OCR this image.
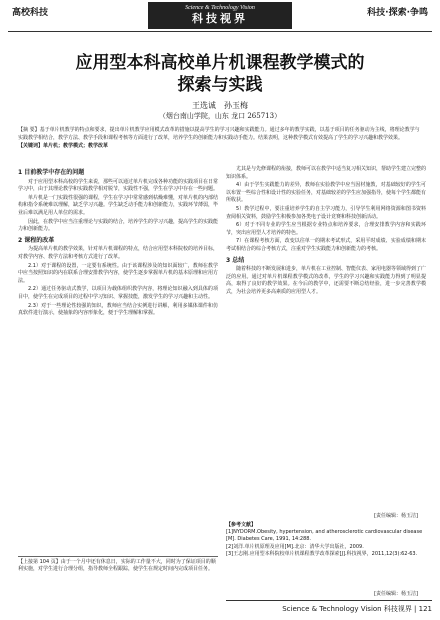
高校科技	Science & Technology Vision
科技视界	科技·探索·争鸣
应用型本科高校单片机课程教学模式的
探索与实践
王选诚　孙玉梅
（烟台南山学院，山东 龙口 265713）
【摘 要】基于单片机教学的特点和要求，提出单片机教学应用模式改革的措施以提高学生的学习兴趣和实践能力。通过多年的教学实践，以基于项目的任务驱动为主线，将理论教学与实践教学相结合，教学方法、教学手段和课程考核等方面进行了改革，培养学生的创新能力和实践动手能力。结果表明，这种教学模式有效提高了学生的学习兴趣和教学效果。
【关键词】单片机；教学模式；教学改革
1 目前教学中存在的问题

对于应用型本科高校的学生来说，那些可以通过单片机完成各种功能的实践项目在日常学习中，由于其理论教学和实践教学相对脱节，实践性不强，学生在学习中存在一些问题。

单片机是一门实践性很强的课程，学生在学习中常常感到枯燥难懂，对单片机的内部结构和指令系统难以理解，缺乏学习兴趣。学生缺乏动手能力和创新能力，实践环节薄弱，毕业后难以满足用人单位的需求。

因此，在教学中应当注重理论与实践的结合，培养学生的学习兴趣，提高学生的实践能力和创新能力。

2 课程的改革

为提高单片机的教学效果，针对单片机课程的特点，结合应用型本科院校的培养目标，对教学内容、教学方法和考核方式进行了改革。

2.1）对于课程的设置，一定要有系统性。由于该课程涉及的知识面较广，教师在教学中应当按照知识的内在联系合理安排教学内容，使学生逐步掌握单片机的基本原理和应用方法。

2.2）通过任务驱动式教学，以项目为载体组织教学内容，将理论知识融入到具体的项目中，使学生在完成项目的过程中学习知识、掌握技能，激发学生的学习兴趣和主动性。

2.3）对于一些理论性较强的知识，教师应当结合实例进行讲解，利用多媒体课件和仿真软件进行演示，使抽象的内容形象化，便于学生理解和掌握。

【上接第 104 页】由于一个月中还有休息日，实际的工作量不大，同时为了保证项目的顺利实施，对学生进行合理分组，指导教师全程跟踪，使学生在规定时间内完成项目任务。

尤其是与先修课程的衔接，教师可以在教学中适当复习相关知识，帮助学生建立完整的知识体系。

4）由于学生实践能力的差异，教师在实验教学中应当因材施教，对基础较好的学生可以布置一些综合性和设计性的实验任务，对基础较差的学生应加强指导，使每个学生都能有所收获。

5）教学过程中，要注重培养学生的自主学习能力，引导学生利用网络资源和图书资料查阅相关资料，鼓励学生积极参加各类电子设计竞赛和科技创新活动。

6）对于不同专业的学生应当根据专业特点和培养要求，合理安排教学内容和实践环节，突出应用型人才培养的特色。

7）在课程考核方面，改变以往单一的期末考试形式，采用平时成绩、实验成绩和期末考试相结合的综合考核方式，注重对学生实践能力和创新能力的考核。

3 总结

随着科技的不断发展和进步，单片机在工业控制、智能仪表、家用电器等领域得到了广泛的应用。通过对单片机课程教学模式的改革，学生的学习兴趣和实践能力得到了明显提高，取得了良好的教学效果。在今后的教学中，还需要不断总结经验，进一步完善教学模式，为社会培养更多高素质的应用型人才。

[责任编辑：杨玉洁]
【参考文献】
[1]NYDORM.Obesity, hypertension, and atherosclerotic cardiovascular disease [M]. Diabetes Care, 1991, 14:288.
[2]刘洋.单片机原理及应用[M].北京：清华大学出版社，2009.
[3]王志刚.应用型本科院校单片机课程教学改革探索[J].科技视界，2011,12(3):62-63.
[责任编辑：杨玉洁]
Science & Technology Vision 科技视界 | 121
